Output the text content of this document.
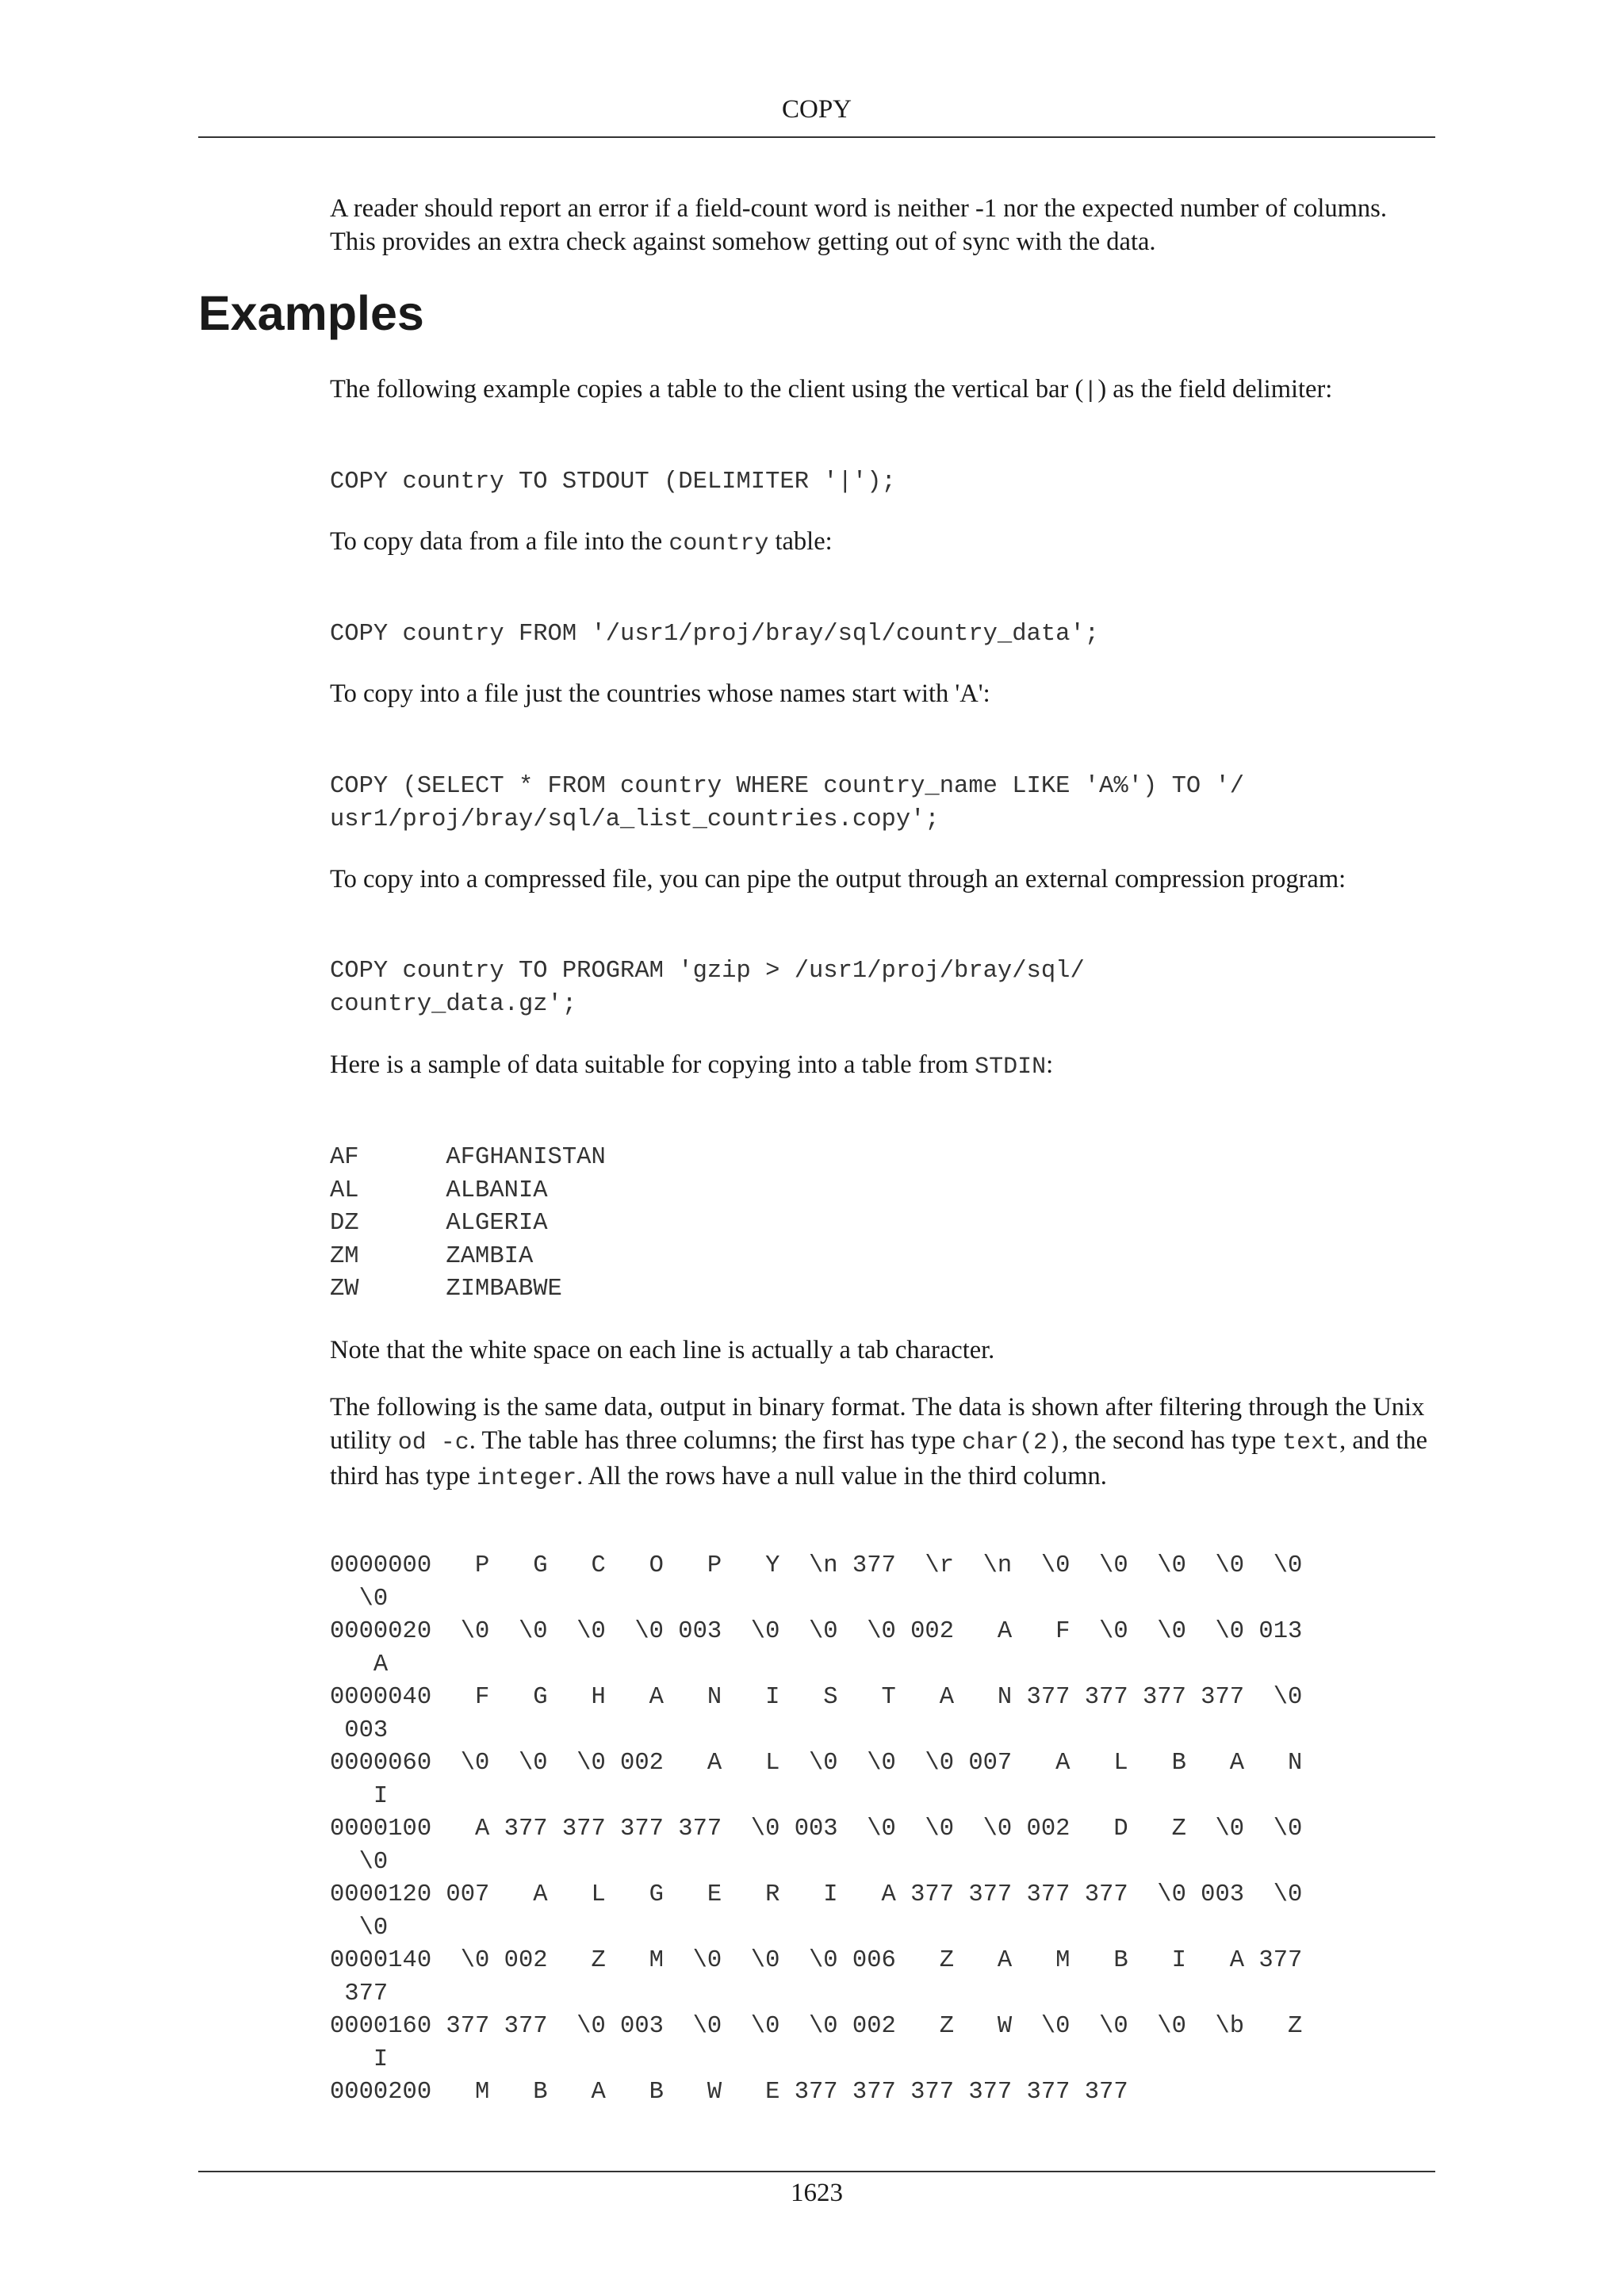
COPY

A reader should report an error if a field-count word is neither -1 nor the expected number of columns. This provides an extra check against somehow getting out of sync with the data.

Examples

The following example copies a table to the client using the vertical bar (|) as the field delimiter:

COPY country TO STDOUT (DELIMITER '|');

To copy data from a file into the country table:

COPY country FROM '/usr1/proj/bray/sql/country_data';

To copy into a file just the countries whose names start with 'A':

COPY (SELECT * FROM country WHERE country_name LIKE 'A%') TO '/
usr1/proj/bray/sql/a_list_countries.copy';

To copy into a compressed file, you can pipe the output through an external compression program:

COPY country TO PROGRAM 'gzip > /usr1/proj/bray/sql/
country_data.gz';

Here is a sample of data suitable for copying into a table from STDIN:

AF      AFGHANISTAN
AL      ALBANIA
DZ      ALGERIA
ZM      ZAMBIA
ZW      ZIMBABWE

Note that the white space on each line is actually a tab character.

The following is the same data, output in binary format. The data is shown after filtering through the Unix utility od -c. The table has three columns; the first has type char(2), the second has type text, and the third has type integer. All the rows have a null value in the third column.

0000000   P   G   C   O   P   Y  \n 377  \r  \n  \0  \0  \0  \0  \0
\0
0000020  \0  \0  \0  \0 003  \0  \0  \0 002   A   F  \0  \0  \0 013
A
0000040   F   G   H   A   N   I   S   T   A   N 377 377 377 377  \0
003
0000060  \0  \0  \0 002   A   L  \0  \0  \0 007   A   L   B   A   N
I
0000100   A 377 377 377 377  \0 003  \0  \0  \0 002   D   Z  \0  \0
\0
0000120 007   A   L   G   E   R   I   A 377 377 377 377  \0 003  \0
\0
0000140  \0 002   Z   M  \0  \0  \0 006   Z   A   M   B   I   A 377
377
0000160 377 377  \0 003  \0  \0  \0 002   Z   W  \0  \0  \0  \b   Z
I
0000200   M   B   A   B   W   E 377 377 377 377 377 377
1623
